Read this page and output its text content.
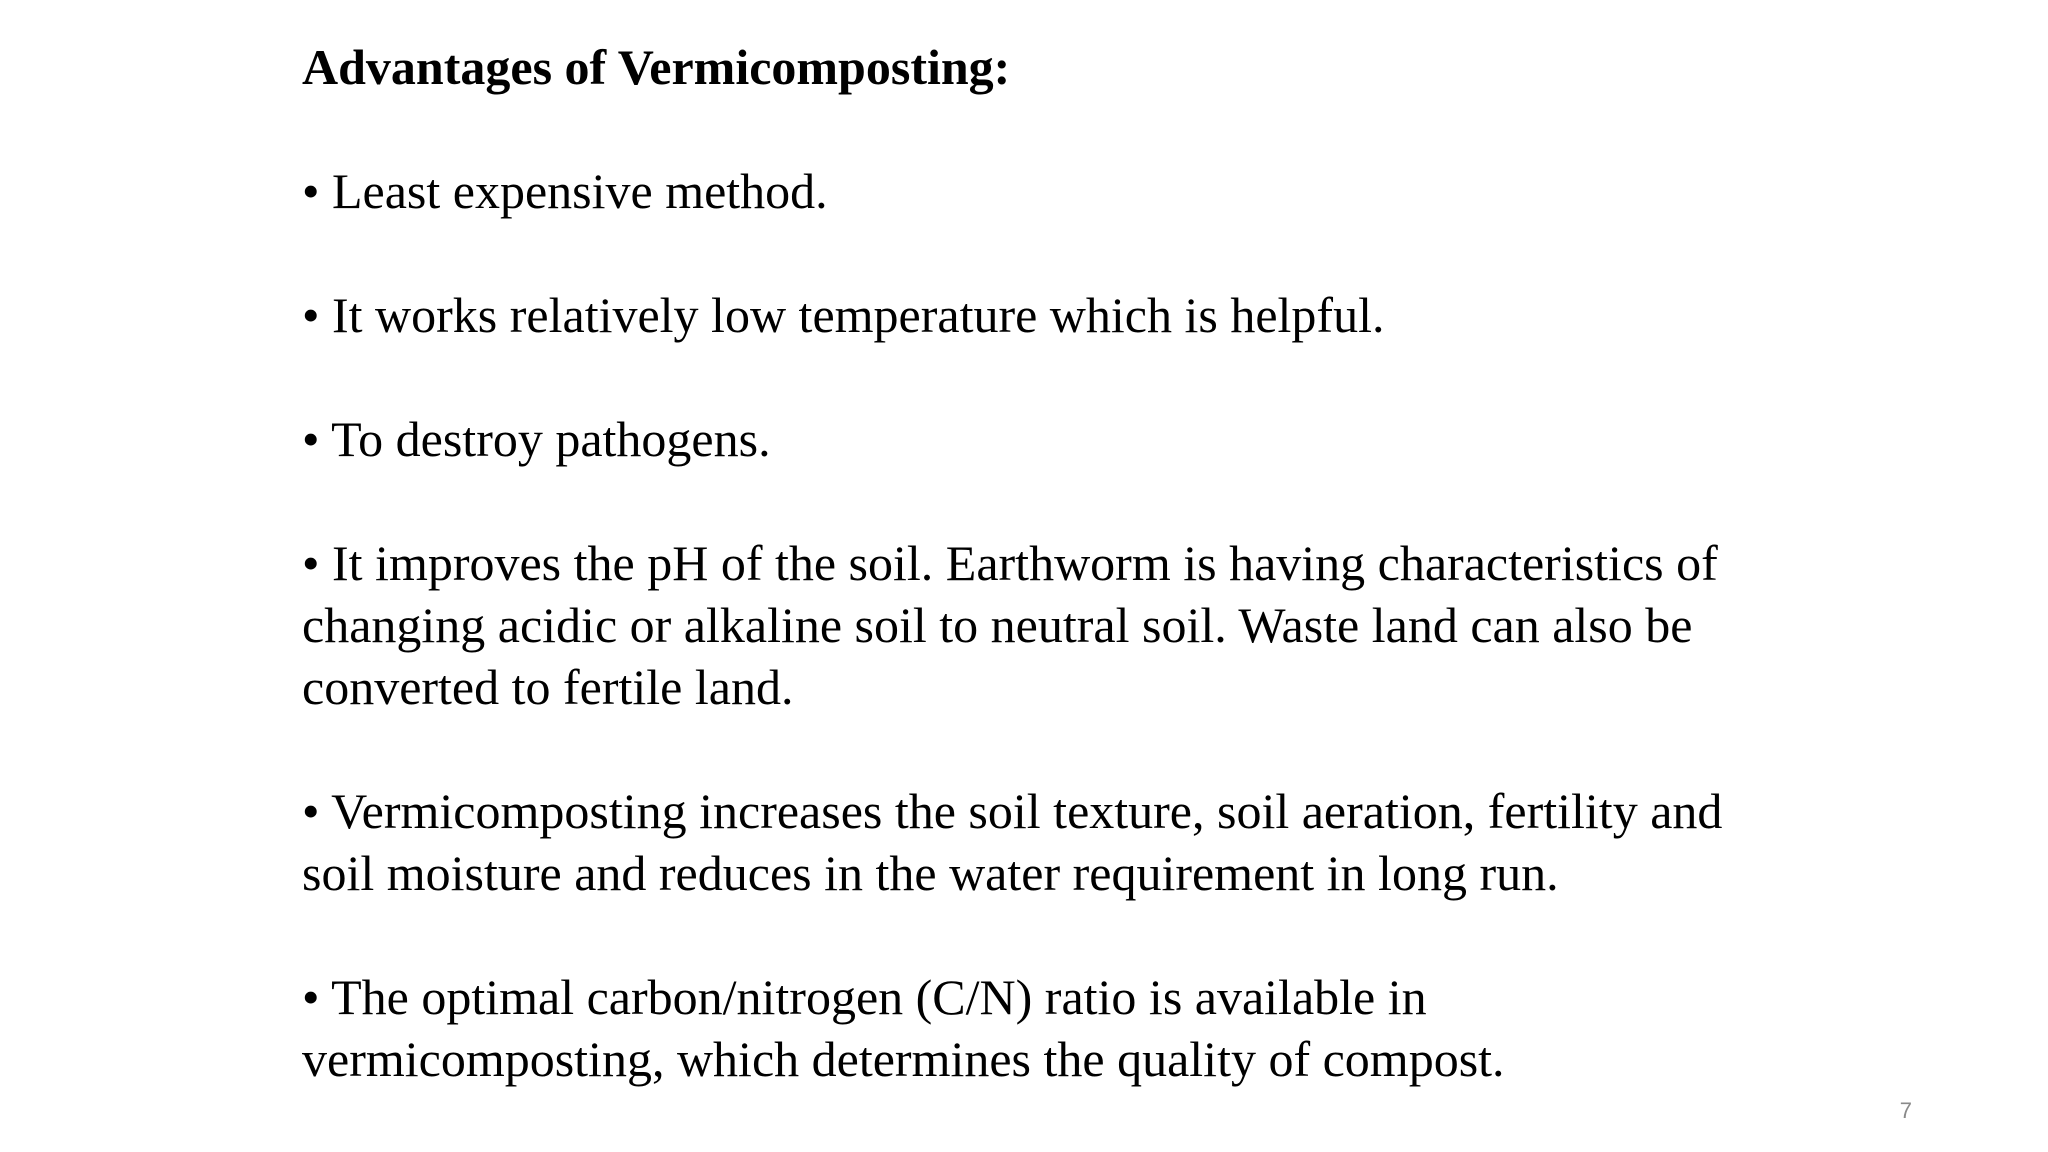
Advantages of Vermicomposting:
• Least expensive method.
• It works relatively low temperature which is helpful.
• To destroy pathogens.
• It improves the pH of the soil. Earthworm is having characteristics of changing acidic or alkaline soil to neutral soil. Waste land can also be converted to fertile land.
• Vermicomposting increases the soil texture, soil aeration, fertility and soil moisture and reduces in the water requirement in long run.
• The optimal carbon/nitrogen (C/N) ratio is available in vermicomposting, which determines the quality of compost.
7
